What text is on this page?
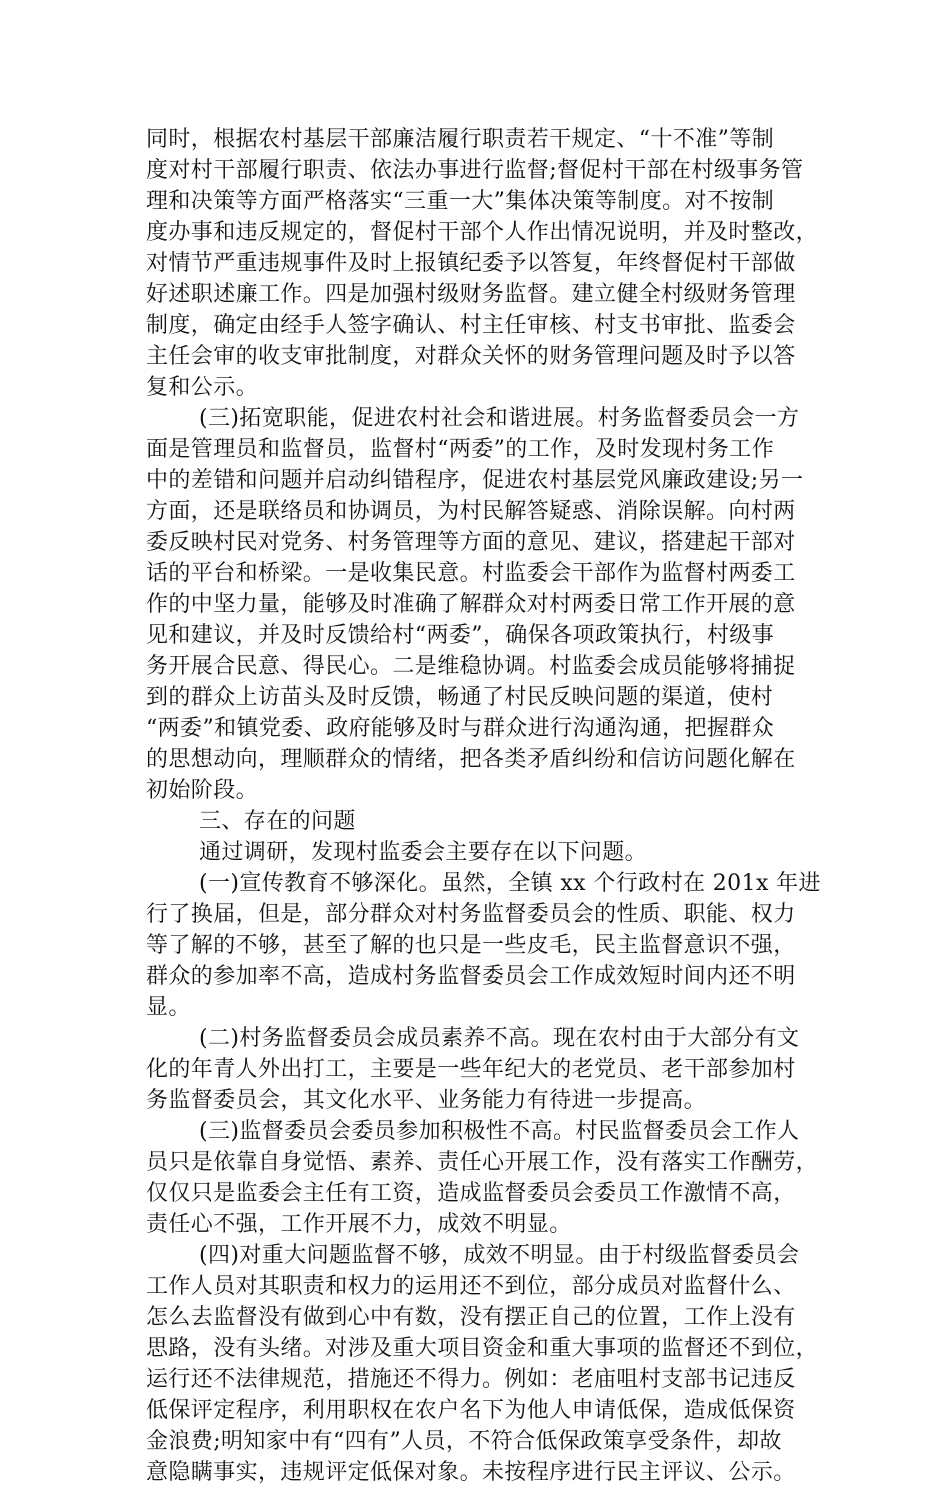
同时，根据农村基层干部廉洁履行职责若干规定、“十不准”等制
度对村干部履行职责、依法办事进行监督;督促村干部在村级事务管
理和决策等方面严格落实“三重一大”集体决策等制度。对不按制
度办事和违反规定的，督促村干部个人作出情况说明，并及时整改，
对情节严重违规事件及时上报镇纪委予以答复，年终督促村干部做
好述职述廉工作。四是加强村级财务监督。建立健全村级财务管理
制度，确定由经手人签字确认、村主任审核、村支书审批、监委会
主任会审的收支审批制度，对群众关怀的财务管理问题及时予以答
复和公示。
(三)拓宽职能，促进农村社会和谐进展。村务监督委员会一方
面是管理员和监督员，监督村“两委”的工作，及时发现村务工作
中的差错和问题并启动纠错程序，促进农村基层党风廉政建设;另一
方面，还是联络员和协调员，为村民解答疑惑、消除误解。向村两
委反映村民对党务、村务管理等方面的意见、建议，搭建起干部对
话的平台和桥梁。一是收集民意。村监委会干部作为监督村两委工
作的中坚力量，能够及时准确了解群众对村两委日常工作开展的意
见和建议，并及时反馈给村“两委”，确保各项政策执行，村级事
务开展合民意、得民心。二是维稳协调。村监委会成员能够将捕捉
到的群众上访苗头及时反馈，畅通了村民反映问题的渠道，使村
“两委”和镇党委、政府能够及时与群众进行沟通沟通，把握群众
的思想动向，理顺群众的情绪，把各类矛盾纠纷和信访问题化解在
初始阶段。
三、存在的问题
通过调研，发现村监委会主要存在以下问题。
(一)宣传教育不够深化。虽然，全镇 xx 个行政村在 201x 年进
行了换届，但是，部分群众对村务监督委员会的性质、职能、权力
等了解的不够，甚至了解的也只是一些皮毛，民主监督意识不强，
群众的参加率不高，造成村务监督委员会工作成效短时间内还不明
显。
(二)村务监督委员会成员素养不高。现在农村由于大部分有文
化的年青人外出打工，主要是一些年纪大的老党员、老干部参加村
务监督委员会，其文化水平、业务能力有待进一步提高。
(三)监督委员会委员参加积极性不高。村民监督委员会工作人
员只是依靠自身觉悟、素养、责任心开展工作，没有落实工作酬劳，
仅仅只是监委会主任有工资，造成监督委员会委员工作激情不高，
责任心不强，工作开展不力，成效不明显。
(四)对重大问题监督不够，成效不明显。由于村级监督委员会
工作人员对其职责和权力的运用还不到位，部分成员对监督什么、
怎么去监督没有做到心中有数，没有摆正自己的位置，工作上没有
思路，没有头绪。对涉及重大项目资金和重大事项的监督还不到位，
运行还不法律规范，措施还不得力。例如：老庙咀村支部书记违反
低保评定程序，利用职权在农户名下为他人申请低保，造成低保资
金浪费;明知家中有“四有”人员，不符合低保政策享受条件，却故
意隐瞒事实，违规评定低保对象。未按程序进行民主评议、公示。
